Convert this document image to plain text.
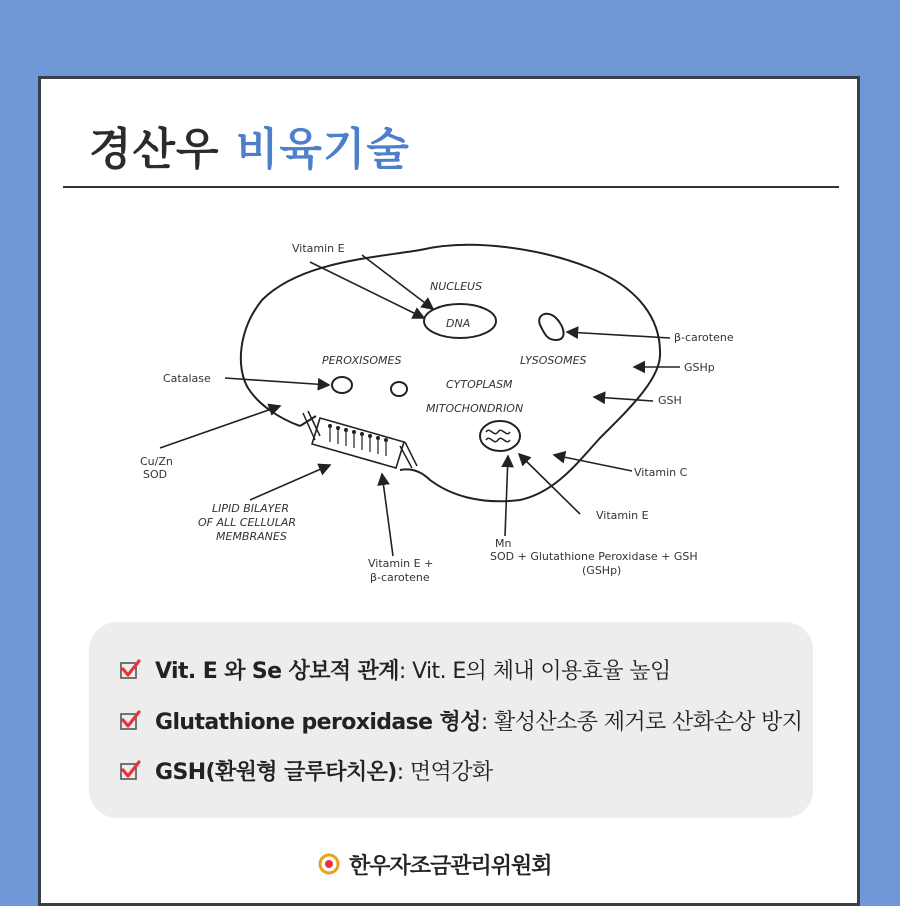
경산우 비육기술
Vit. E 와 Se 상보적 관계 : Vit. E의 체내 이용효율 높임
Glutathione peroxidase 형성 : 활성산소종 제거로 산화손상 방지
GSH(환원형 글루타치온) : 면역강화
한우자조금관리위원회
Vitamin E
NUCLEUS
DNA
β-carotene
PEROXISOMES	LYSOSOMES
GSHp
Catalase	CYTOPLASM
GSH
MITOCHONDRION
Cu/Zn
SOD	Vitamin C
LIPID BILAYER
OF ALL CELLULAR
MEMBRANES
Vitamin E
Mn
SOD + Glutathione Peroxidase + GSH
(GSHp)
Vitamin E +
β-carotene
